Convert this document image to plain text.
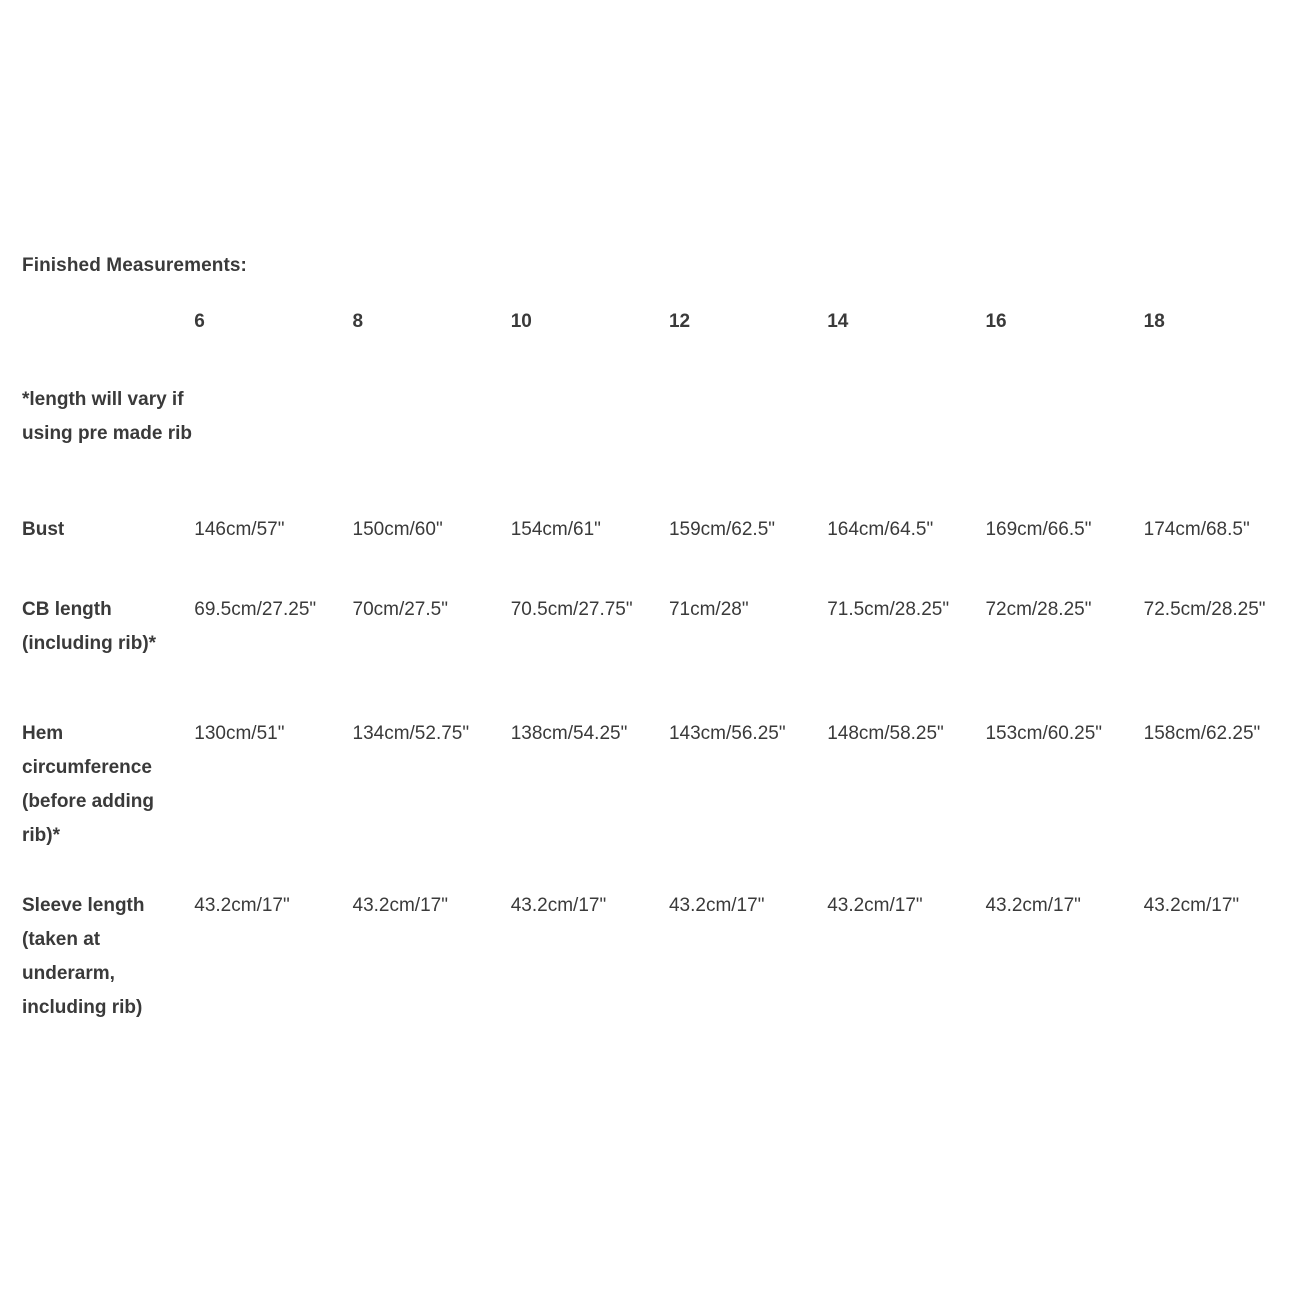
Finished Measurements:
	6	8	10	12	14	16	18
*length will vary if using pre made rib							
Bust	146cm/57"	150cm/60"	154cm/61"	159cm/62.5"	164cm/64.5"	169cm/66.5"	174cm/68.5"
CB length (including rib)*	69.5cm/27.25"	70cm/27.5"	70.5cm/27.75"	71cm/28"	71.5cm/28.25"	72cm/28.25"	72.5cm/28.25"
Hem circumference (before adding rib)*	130cm/51"	134cm/52.75"	138cm/54.25"	143cm/56.25"	148cm/58.25"	153cm/60.25"	158cm/62.25"
Sleeve length (taken at underarm, including rib)	43.2cm/17"	43.2cm/17"	43.2cm/17"	43.2cm/17"	43.2cm/17"	43.2cm/17"	43.2cm/17"
